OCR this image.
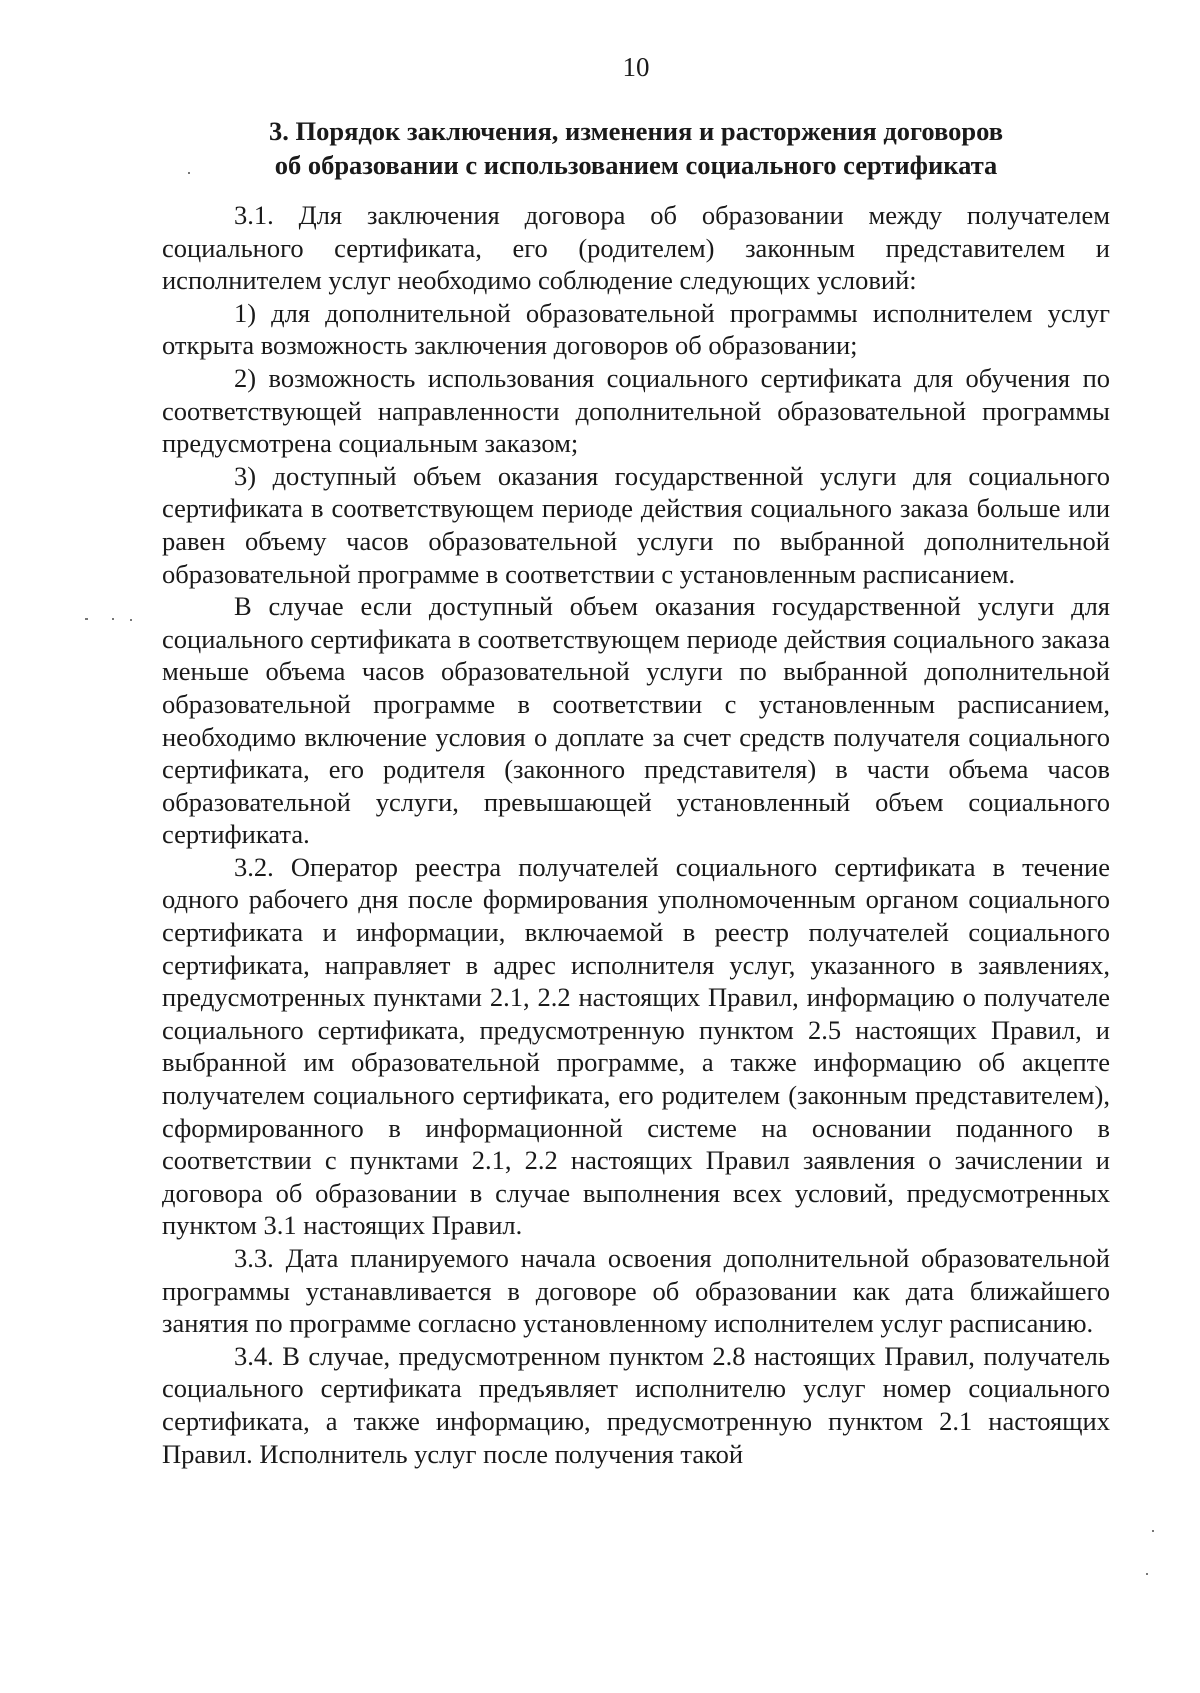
10
3. Порядок заключения, изменения и расторжения договоров
об образовании с использованием социального сертификата

3.1. Для заключения договора об образовании между получателем социального сертификата, его (родителем) законным представителем и исполнителем услуг необходимо соблюдение следующих условий:

1) для дополнительной образовательной программы исполнителем услуг открыта возможность заключения договоров об образовании;

2) возможность использования социального сертификата для обучения по соответствующей направленности дополнительной образовательной программы предусмотрена социальным заказом;

3) доступный объем оказания государственной услуги для социального сертификата в соответствующем периоде действия социального заказа больше или равен объему часов образовательной услуги по выбранной дополнительной образовательной программе в соответствии с установленным расписанием.

В случае если доступный объем оказания государственной услуги для социального сертификата в соответствующем периоде действия социального заказа меньше объема часов образовательной услуги по выбранной дополнительной образовательной программе в соответствии с установленным расписанием, необходимо включение условия о доплате за счет средств получателя социального сертификата, его родителя (законного представителя) в части объема часов образовательной услуги, превышающей установленный объем социального сертификата.

3.2. Оператор реестра получателей социального сертификата в течение одного рабочего дня после формирования уполномоченным органом социального сертификата и информации, включаемой в реестр получателей социального сертификата, направляет в адрес исполнителя услуг, указанного в заявлениях, предусмотренных пунктами 2.1, 2.2 настоящих Правил, информацию о получателе социального сертификата, предусмотренную пунктом 2.5 настоящих Правил, и выбранной им образовательной программе, а также информацию об акцепте получателем социального сертификата, его родителем (законным представителем), сформированного в информационной системе на основании поданного в соответствии с пунктами 2.1, 2.2 настоящих Правил заявления о зачислении и договора об образовании в случае выполнения всех условий, предусмотренных пунктом 3.1 настоящих Правил.

3.3. Дата планируемого начала освоения дополнительной образовательной программы устанавливается в договоре об образовании как дата ближайшего занятия по программе согласно установленному исполнителем услуг расписанию.

3.4. В случае, предусмотренном пунктом 2.8 настоящих Правил, получатель социального сертификата предъявляет исполнителю услуг номер социального сертификата, а также информацию, предусмотренную пунктом 2.1 настоящих Правил. Исполнитель услуг после получения такой
